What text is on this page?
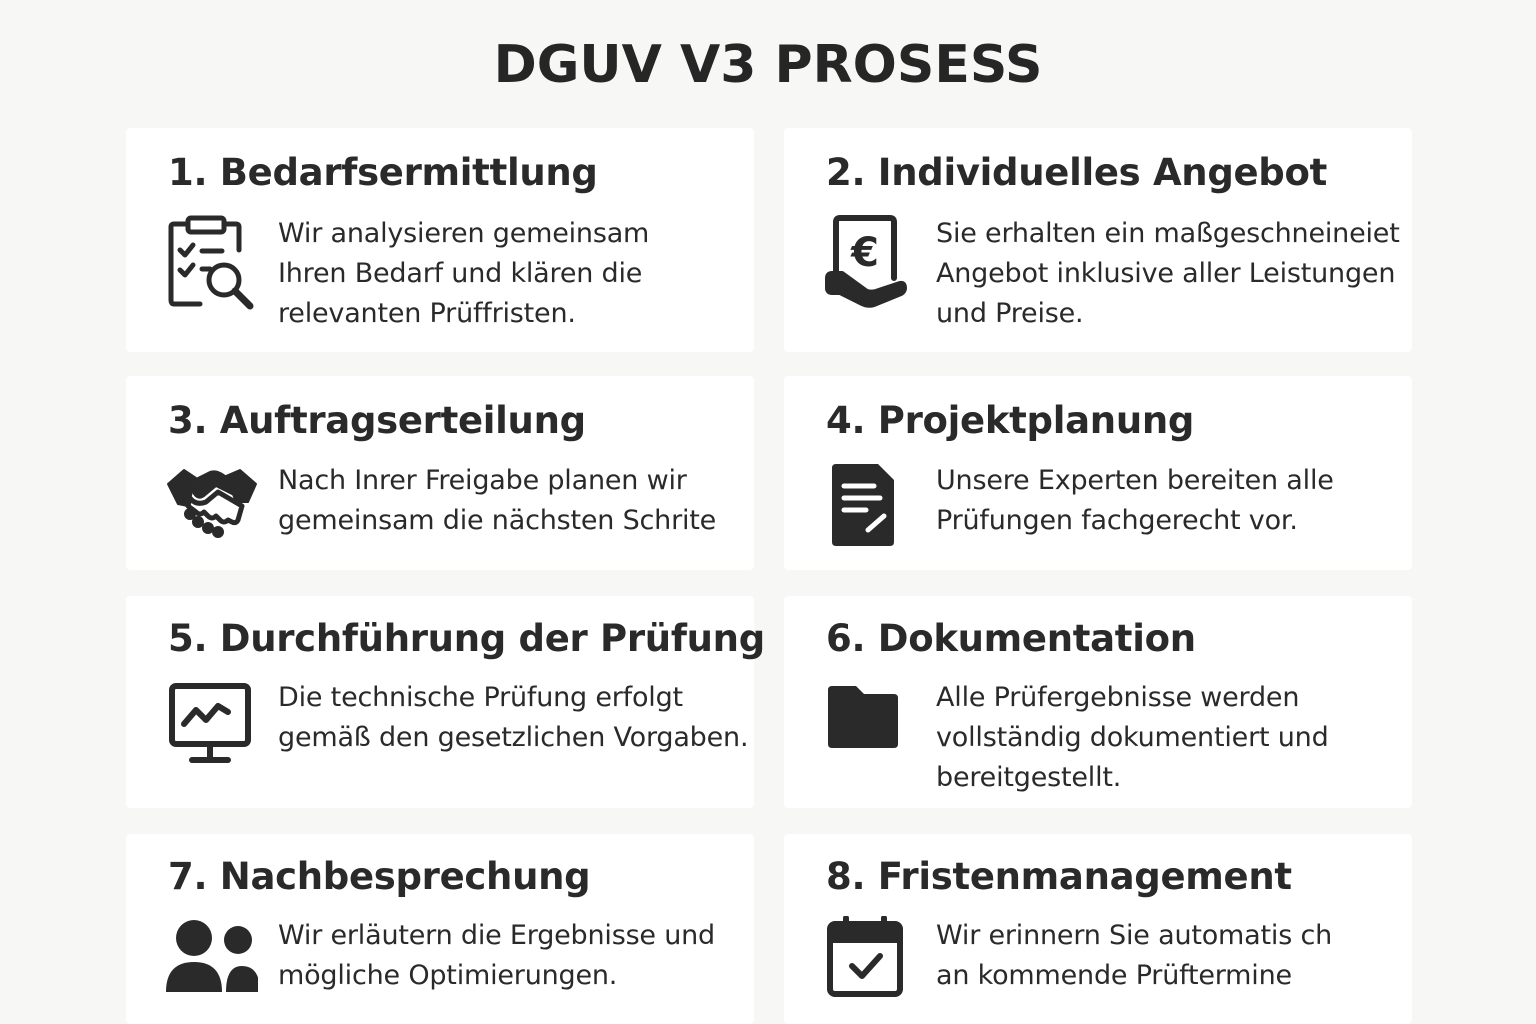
DGUV V3 PROSESS
1. Bedarfsermittlung
Wir analysieren gemeinsam
Ihren Bedarf und klären die
relevanten Prüffristen.
2. Individuelles Angebot
€ Sie erhalten ein maßgeschneineiet
Angebot inklusive aller Leistungen
und Preise.
3. Auftragserteilung
Nach Inrer Freigabe planen wir
gemeinsam die nächsten Schrite
4. Projektplanung
Unsere Experten bereiten alle
Prüfungen fachgerecht vor.
5. Durchführung der Prüfung
Die technische Prüfung erfolgt
gemäß den gesetzlichen Vorgaben.
6. Dokumentation
Alle Prüfergebnisse werden
vollständig dokumentiert und
bereitgestellt.
7. Nachbesprechung
Wir erläutern die Ergebnisse und
mögliche Optimierungen.
8. Fristenmanagement
Wir erinnern Sie automatis ch
an kommende Prüftermine
